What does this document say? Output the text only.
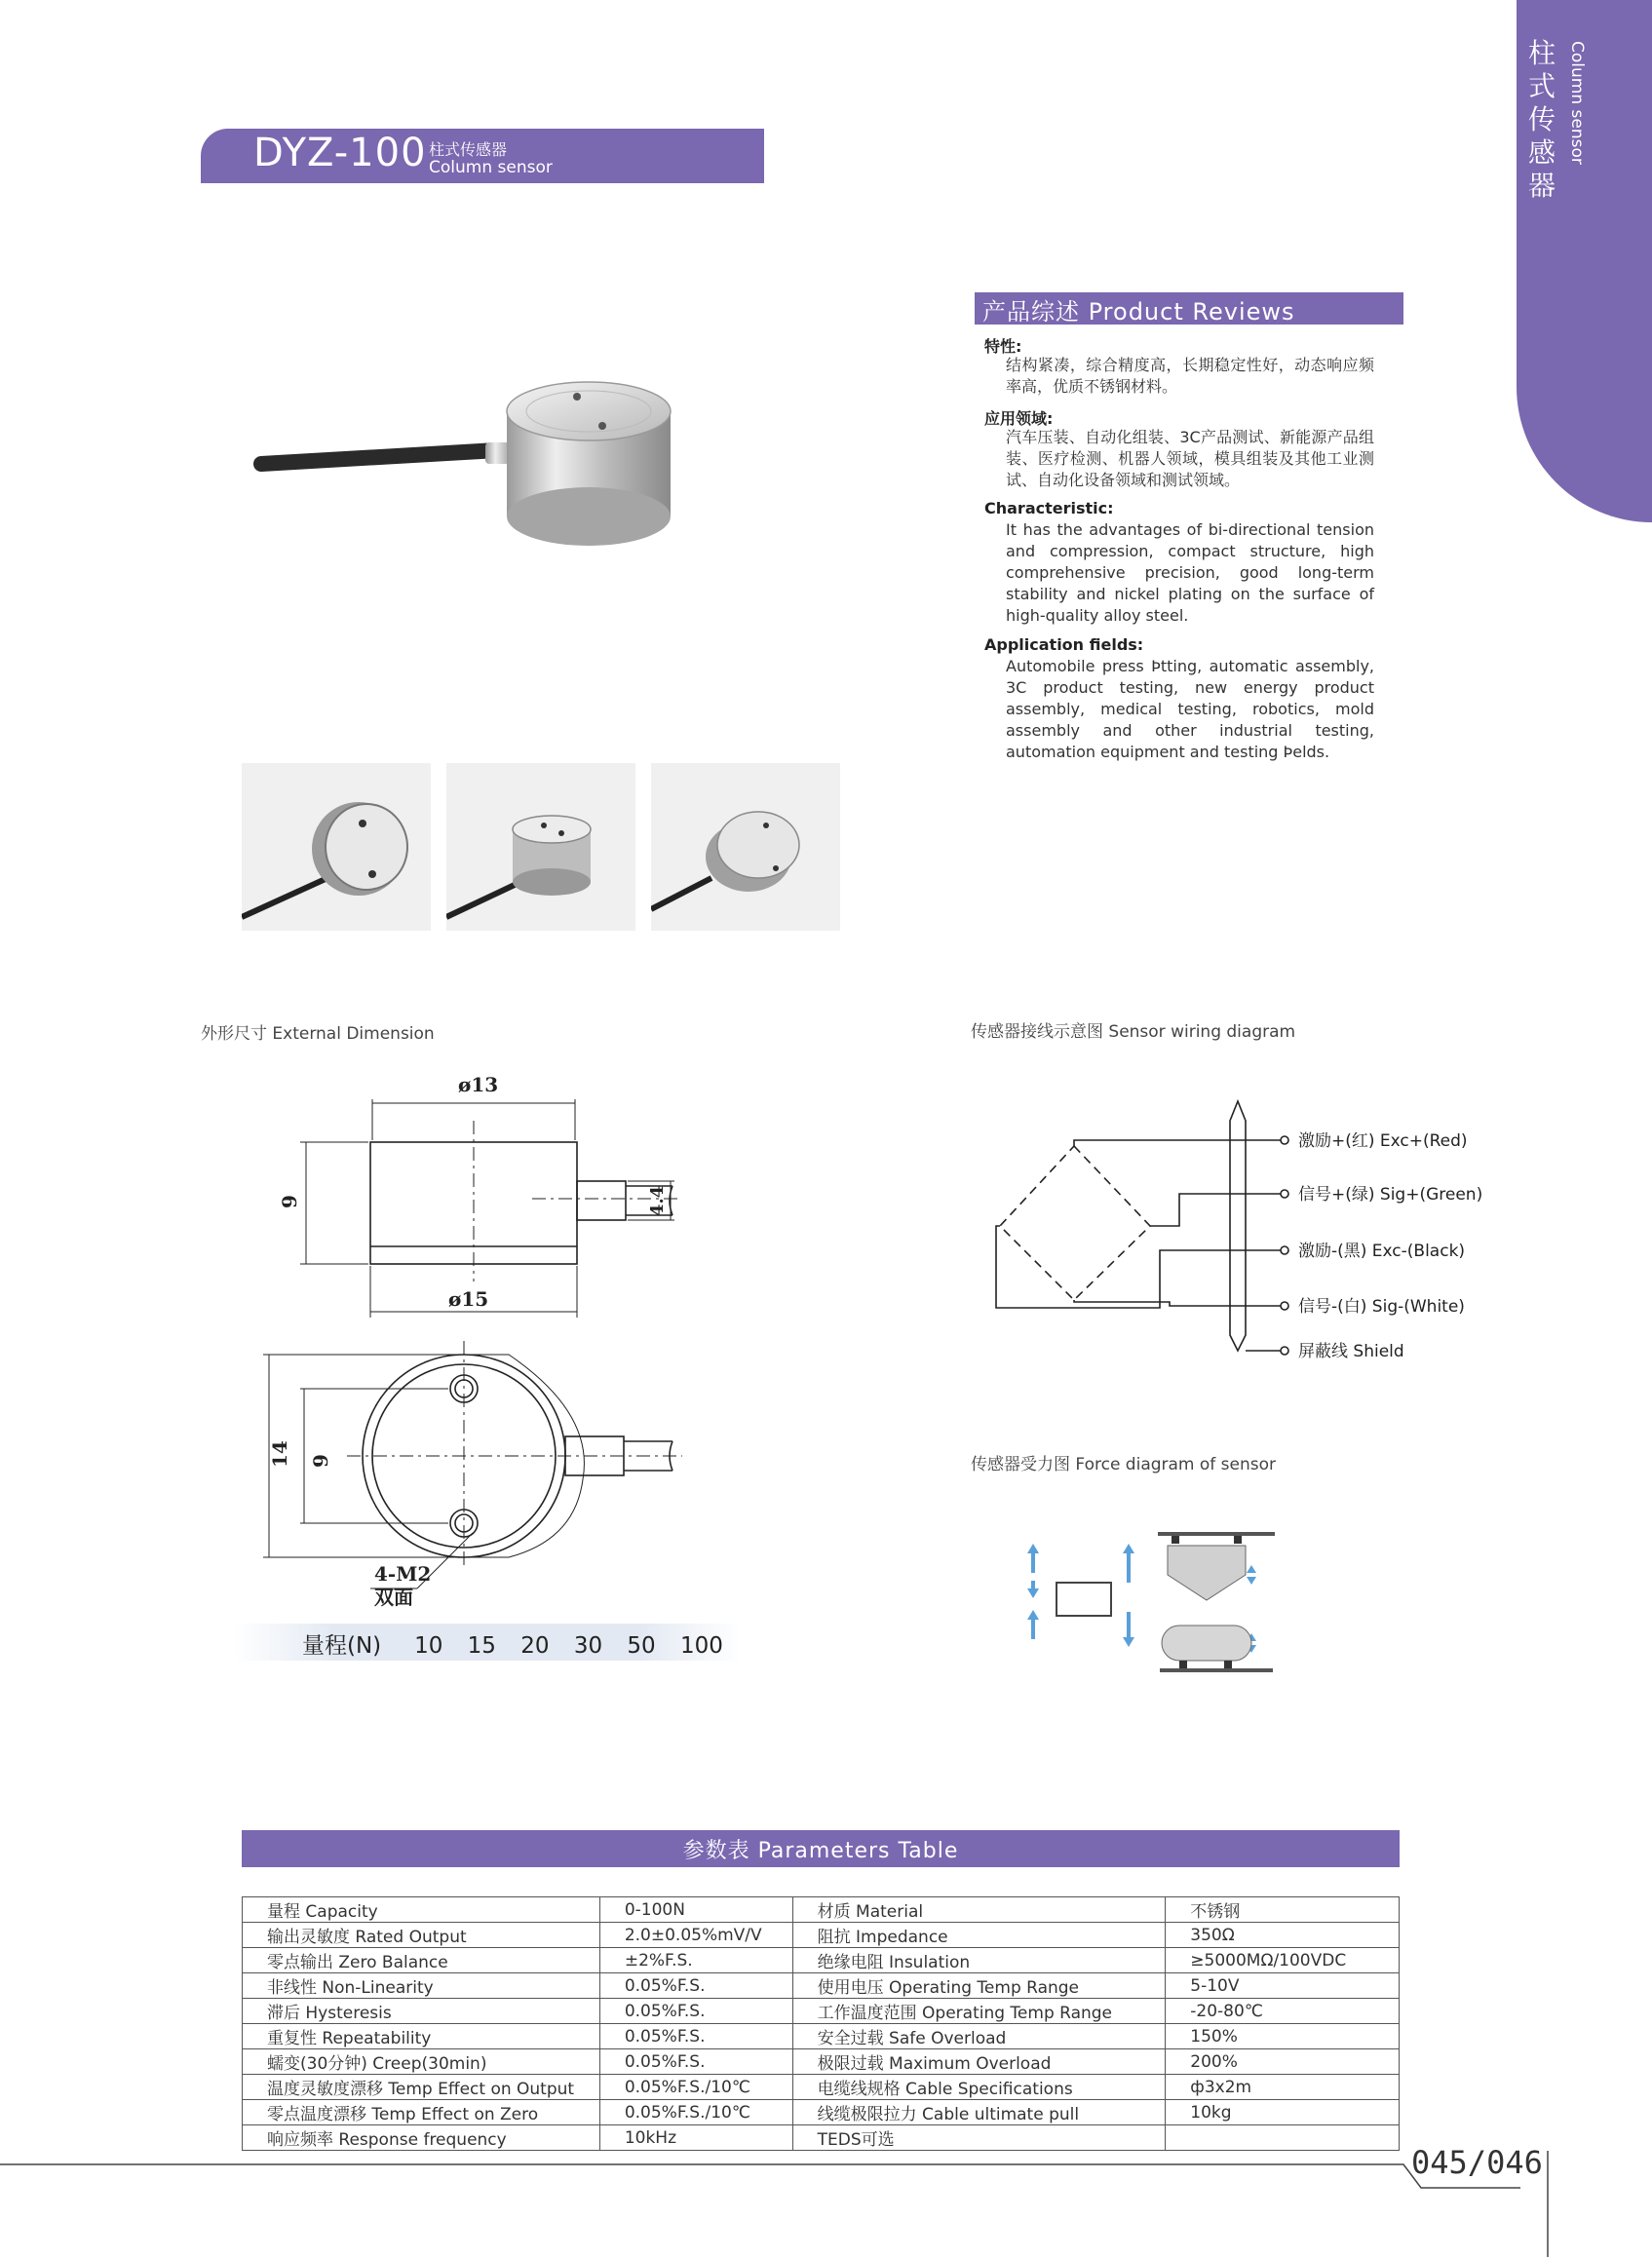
DYZ-100 柱式传感器
Column sensor
柱式传感器
Column sensor
产品综述 Product Reviews
特性:
结构紧凑，综合精度高，长期稳定性好，动态响应频率高，优质不锈钢材料。
应用领域:
汽车压装、自动化组装、3C产品测试、新能源产品组装、医疗检测、机器人领域，模具组装及其他工业测试、自动化设备领域和测试领域。
Characteristic:
It has the advantages of bi-directional tension and compression, compact structure, high comprehensive precision, good long-term stability and nickel plating on the surface of high-quality alloy steel.
Application fields:
Automobile press Þtting, automatic assembly, 3C product testing, new energy product assembly, medical testing, robotics, mold assembly and other industrial testing, automation equipment and testing Þelds.
外形尺寸 External Dimension
ø13
ø15
9	4.4
14 9
4-M2
双面
量程(N) 10 15 20 30 50 100
传感器接线示意图 Sensor wiring diagram
激励+(红) Exc+(Red)
信号+(绿) Sig+(Green)
激励-(黑) Exc-(Black)
信号-(白) Sig-(White)
屏蔽线 Shield
传感器受力图 Force diagram of sensor
参数表 Parameters Table
量程 Capacity	0-100N	材质 Material	不锈钢
输出灵敏度 Rated Output	2.0±0.05%mV/V	阻抗 Impedance	350Ω
零点输出 Zero Balance	±2%F.S.	绝缘电阻 Insulation	≥5000MΩ/100VDC
非线性 Non-Linearity	0.05%F.S.	使用电压 Operating Temp Range	5-10V
滞后 Hysteresis	0.05%F.S.	工作温度范围 Operating Temp Range	-20-80℃
重复性 Repeatability	0.05%F.S.	安全过载 Safe Overload	150%
蠕变(30分钟) Creep(30min)	0.05%F.S.	极限过载 Maximum Overload	200%
温度灵敏度漂移 Temp Effect on Output	0.05%F.S./10℃	电缆线规格 Cable Specifications	ф3x2m
零点温度漂移 Temp Effect on Zero	0.05%F.S./10℃	线缆极限拉力 Cable ultimate pull	10kg
响应频率 Response frequency	10kHz	TEDS可选	
045/046
